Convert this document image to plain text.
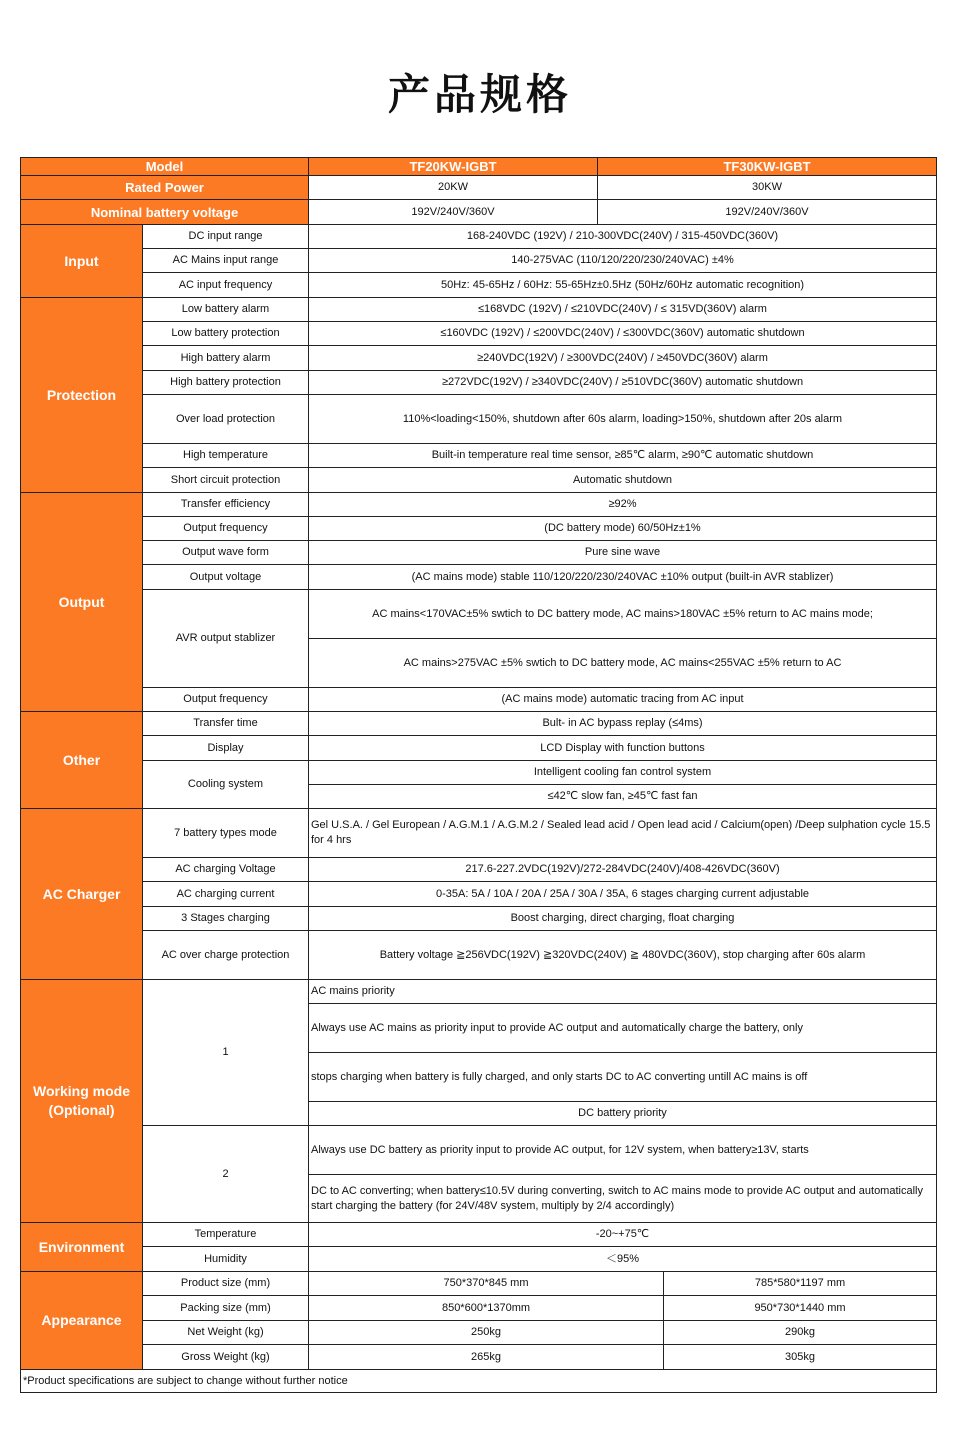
产品规格
Model		TF20KW-IGBT	TF30KW-IGBT	
Rated Power		20KW	30KW	
Nominal battery voltage		192V/240V/360V	192V/240V/360V	
Input	DC input range	168-240VDC (192V) / 210-300VDC(240V) / 315-450VDC(360V)		
	AC Mains input range	140-275VAC (110/120/220/230/240VAC) ±4%		
	AC input frequency	50Hz: 45-65Hz / 60Hz: 55-65Hz±0.5Hz (50Hz/60Hz automatic recognition)		
Protection	Low battery alarm	≤168VDC (192V) / ≤210VDC(240V) / ≤ 315VD(360V) alarm		
	Low battery protection	≤160VDC (192V) / ≤200VDC(240V) / ≤300VDC(360V) automatic shutdown		
	High battery alarm	≥240VDC(192V) / ≥300VDC(240V) / ≥450VDC(360V) alarm		
	High battery protection	≥272VDC(192V) / ≥340VDC(240V) / ≥510VDC(360V) automatic shutdown		
	Over load protection	110%<loading<150%, shutdown after 60s alarm, loading>150%, shutdown after 20s alarm		
	High temperature	Built-in temperature real time sensor, ≥85℃ alarm, ≥90℃ automatic shutdown		
	Short circuit protection	Automatic shutdown		
Output	Transfer efficiency	≥92%		
	Output frequency	(DC battery mode) 60/50Hz±1%		
	Output wave form	Pure sine wave		
	Output voltage	(AC mains mode) stable 110/120/220/230/240VAC ±10% output (built-in AVR stablizer)		
	AVR output stablizer	AC mains<170VAC±5% swtich to DC battery mode, AC mains>180VAC ±5% return to AC mains mode;		
		AC mains>275VAC ±5% swtich to DC battery mode, AC mains<255VAC ±5% return to AC		
	Output frequency	(AC mains mode) automatic tracing from AC input		
Other	Transfer time	Bult- in AC bypass replay (≤4ms)		
	Display	LCD Display with function buttons		
	Cooling system	Intelligent cooling fan control system		
		≤42℃ slow fan, ≥45℃ fast fan		
AC Charger	7 battery types mode	Gel U.S.A. / Gel European / A.G.M.1 / A.G.M.2 / Sealed lead acid / Open lead acid / Calcium(open) /Deep sulphation cycle 15.5 for 4 hrs		
	AC charging Voltage	217.6-227.2VDC(192V)/272-284VDC(240V)/408-426VDC(360V)		
	AC charging current	0-35A: 5A / 10A / 20A / 25A / 30A / 35A, 6 stages charging current adjustable		
	3 Stages charging	Boost charging, direct charging, float charging		
	AC over charge protection	Battery voltage ≧256VDC(192V) ≧320VDC(240V) ≧ 480VDC(360V), stop charging after 60s alarm		
Working mode (Optional)	1	AC mains priority		
		Always use AC mains as priority input to provide AC output and automatically charge the battery, only		
		stops charging when battery is fully charged, and only starts DC to AC converting untill AC mains is off		
		DC battery priority		
	2	Always use DC battery as priority input to provide AC output, for 12V system, when battery≥13V, starts		
		DC to AC converting; when battery≤10.5V during converting, switch to AC mains mode to provide AC output and automatically start charging the battery (for 24V/48V system, multiply by 2/4 accordingly)		
Environment	Temperature	-20~+75℃		
	Humidity	＜95%		
Appearance	Product size (mm)	750*370*845 mm		785*580*1197 mm
	Packing size (mm)	850*600*1370mm		950*730*1440 mm
	Net Weight (kg)	250kg		290kg
	Gross Weight (kg)	265kg		305kg
*Product specifications are subject to change without further notice				
